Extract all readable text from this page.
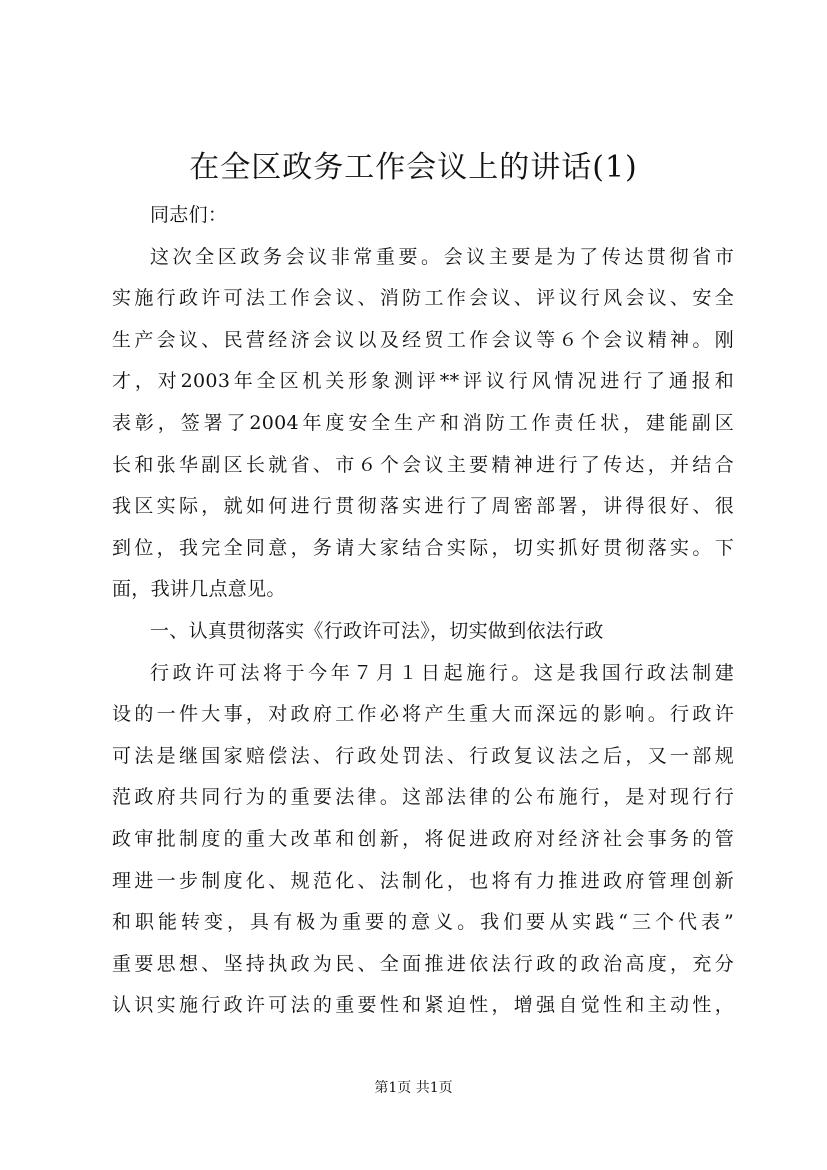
在全区政务工作会议上的讲话(1)
同志们：
这次全区政务会议非常重要。会议主要是为了传达贯彻省市
实施行政许可法工作会议、消防工作会议、评议行风会议、安全
生产会议、民营经济会议以及经贸工作会议等６个会议精神。刚
才，对2003年全区机关形象测评**评议行风情况进行了通报和
表彰，签署了2004年度安全生产和消防工作责任状，建能副区
长和张华副区长就省、市６个会议主要精神进行了传达，并结合
我区实际，就如何进行贯彻落实进行了周密部署，讲得很好、很
到位，我完全同意，务请大家结合实际，切实抓好贯彻落实。下
面，我讲几点意见。
一、认真贯彻落实《行政许可法》，切实做到依法行政
行政许可法将于今年７月１日起施行。这是我国行政法制建
设的一件大事，对政府工作必将产生重大而深远的影响。行政许
可法是继国家赔偿法、行政处罚法、行政复议法之后，又一部规
范政府共同行为的重要法律。这部法律的公布施行，是对现行行
政审批制度的重大改革和创新，将促进政府对经济社会事务的管
理进一步制度化、规范化、法制化，也将有力推进政府管理创新
和职能转变，具有极为重要的意义。我们要从实践“三个代表”
重要思想、坚持执政为民、全面推进依法行政的政治高度，充分
认识实施行政许可法的重要性和紧迫性，增强自觉性和主动性，
第1页 共1页
